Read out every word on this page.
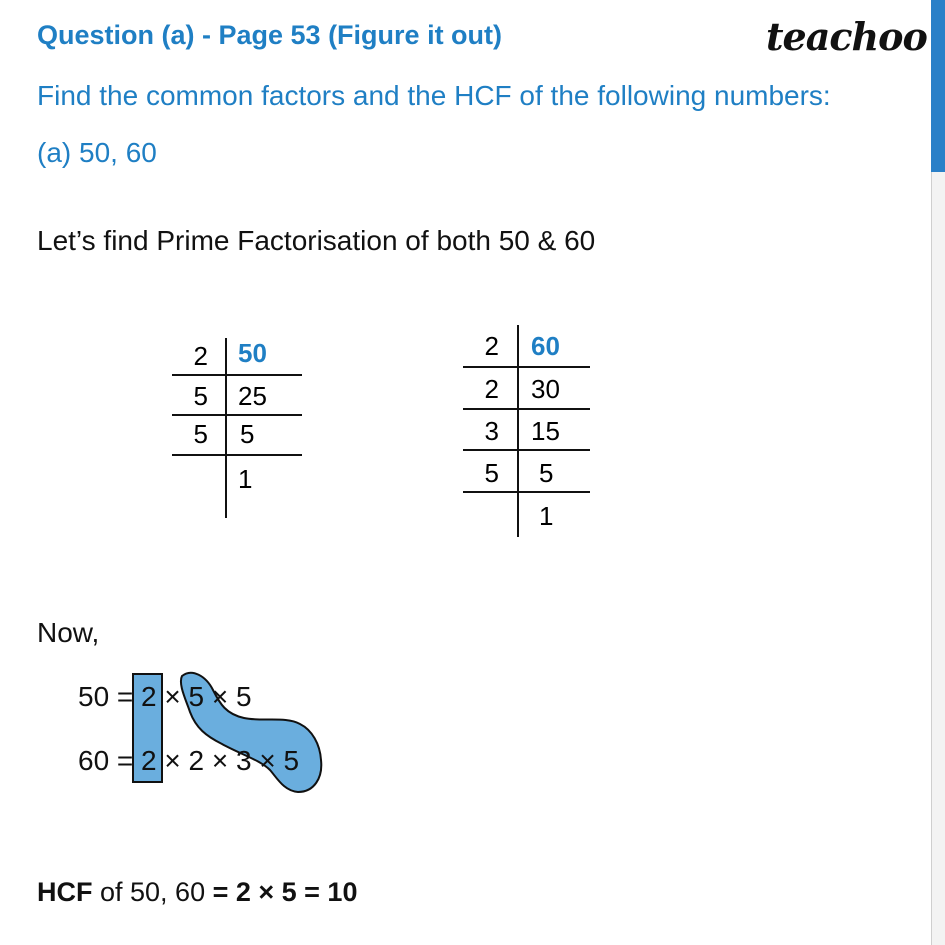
Question (a) - Page 53 (Figure it out)	teachoo
Find the common factors and the HCF of the following numbers:
(a) 50, 60
Let’s find Prime Factorisation of both 50 & 60
2 50
5 25
5 5
1
2 60
2 30
3 15
5 5
1
Now,
50 = 2 × 5 × 5
60 = 2 × 2 × 3 × 5
HCF of 50, 60 = 2 × 5 = 10
